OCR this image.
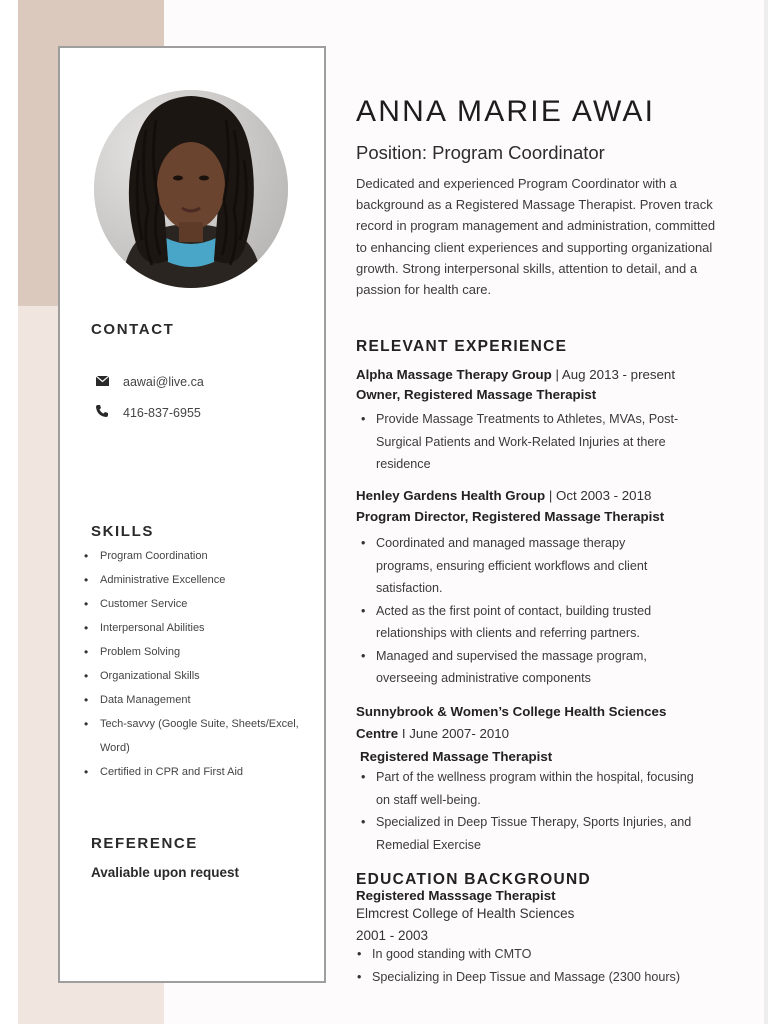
CONTACT
aawai@live.ca
416-837-6955
SKILLS
• Program Coordination
• Administrative Excellence
• Customer Service
• Interpersonal Abilities
• Problem Solving
• Organizational Skills
• Data Management
• Tech-savvy (Google Suite, Sheets/Excel, Word)
• Certified in CPR and First Aid
REFERENCE
Avaliable upon request
ANNA MARIE AWAI
Position: Program Coordinator

Dedicated and experienced Program Coordinator with a background as a Registered Massage Therapist. Proven track record in program management and administration, committed to enhancing client experiences and supporting organizational growth. Strong interpersonal skills, attention to detail, and a passion for health care.

RELEVANT EXPERIENCE
Alpha Massage Therapy Group | Aug 2013 - present
Owner, Registered Massage Therapist
• Provide Massage Treatments to Athletes, MVAs, Post-Surgical Patients and Work-Related Injuries at there residence
Henley Gardens Health Group | Oct 2003 - 2018
Program Director, Registered Massage Therapist
• Coordinated and managed massage therapy programs, ensuring efficient workflows and client satisfaction.
• Acted as the first point of contact, building trusted relationships with clients and referring partners.
• Managed and supervised the massage program, overseeing administrative components
Sunnybrook & Women’s College Health Sciences
Centre I June 2007- 2010
Registered Massage Therapist
• Part of the wellness program within the hospital, focusing on staff well-being.
• Specialized in Deep Tissue Therapy, Sports Injuries, and Remedial Exercise
EDUCATION BACKGROUND
Registered Masssage Therapist
Elmcrest College of Health Sciences
2001 - 2003
• In good standing with CMTO
• Specializing in Deep Tissue and Massage (2300 hours)
